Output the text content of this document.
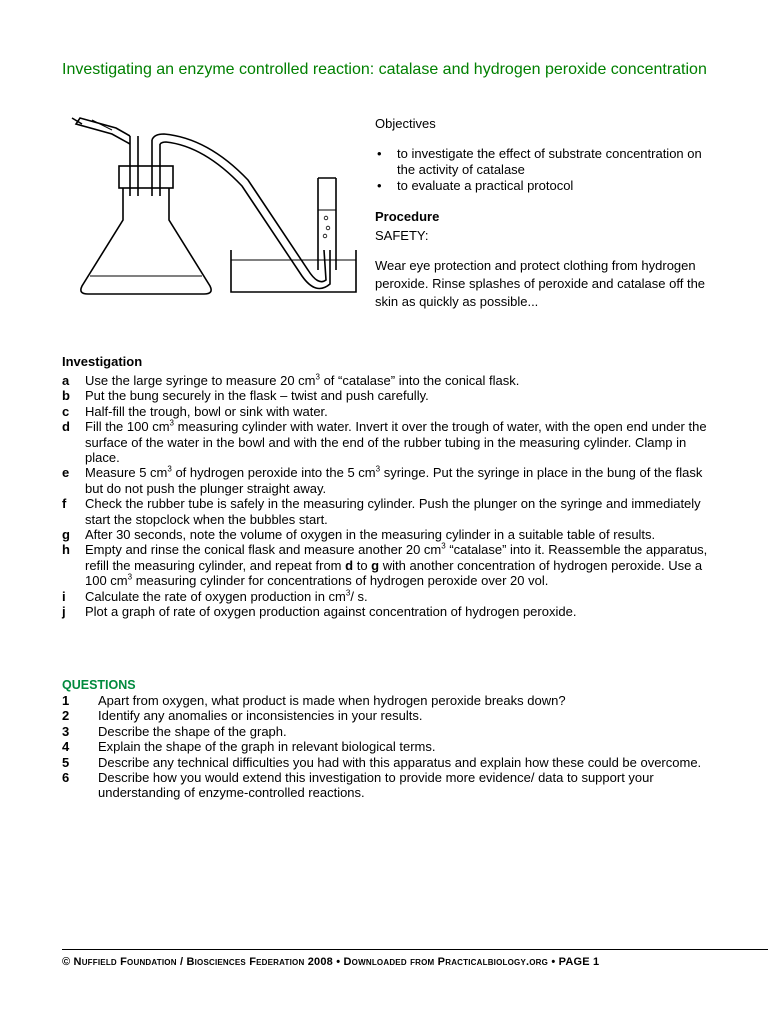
Investigating an enzyme controlled reaction: catalase and hydrogen peroxide concentration
Objectives
• to investigate the effect of substrate concentration on the activity of catalase
• to evaluate a practical protocol
Procedure
SAFETY:
Wear eye protection and protect clothing from hydrogen peroxide. Rinse splashes of peroxide and catalase off the skin as quickly as possible...
Investigation
a	Use the large syringe to measure 20 $cm^3$ of “catalase” into the conical flask.
b	Put the bung securely in the flask – twist and push carefully.
c	Half-fill the trough, bowl or sink with water.
d	Fill the 100 $cm^3$ measuring cylinder with water. Invert it over the trough of water, with the open end under the surface of the water in the bowl and with the end of the rubber tubing in the measuring cylinder. Clamp in place.
e	Measure 5 $cm^3$ of hydrogen peroxide into the 5 $cm^3$ syringe. Put the syringe in place in the bung of the flask but do not push the plunger straight away.
f	Check the rubber tube is safely in the measuring cylinder. Push the plunger on the syringe and immediately start the stopclock when the bubbles start.
g	After 30 seconds, note the volume of oxygen in the measuring cylinder in a suitable table of results.
h	Empty and rinse the conical flask and measure another 20 $cm^3$ “catalase” into it. Reassemble the apparatus, refill the measuring cylinder, and repeat from d to g with another concentration of hydrogen peroxide. Use a 100 $cm^3$ measuring cylinder for concentrations of hydrogen peroxide over 20 vol.
i	Calculate the rate of oxygen production in $cm^3/$ s.
j	Plot a graph of rate of oxygen production against concentration of hydrogen peroxide.
QUESTIONS
1	Apart from oxygen, what product is made when hydrogen peroxide breaks down?
2	Identify any anomalies or inconsistencies in your results.
3	Describe the shape of the graph.
4	Explain the shape of the graph in relevant biological terms.
5	Describe any technical difficulties you had with this apparatus and explain how these could be overcome.
6	Describe how you would extend this investigation to provide more evidence/ data to support your understanding of enzyme-controlled reactions.
© Nuffield Foundation / Biosciences Federation 2008 • Downloaded from Practicalbiology.org • PAGE 1
